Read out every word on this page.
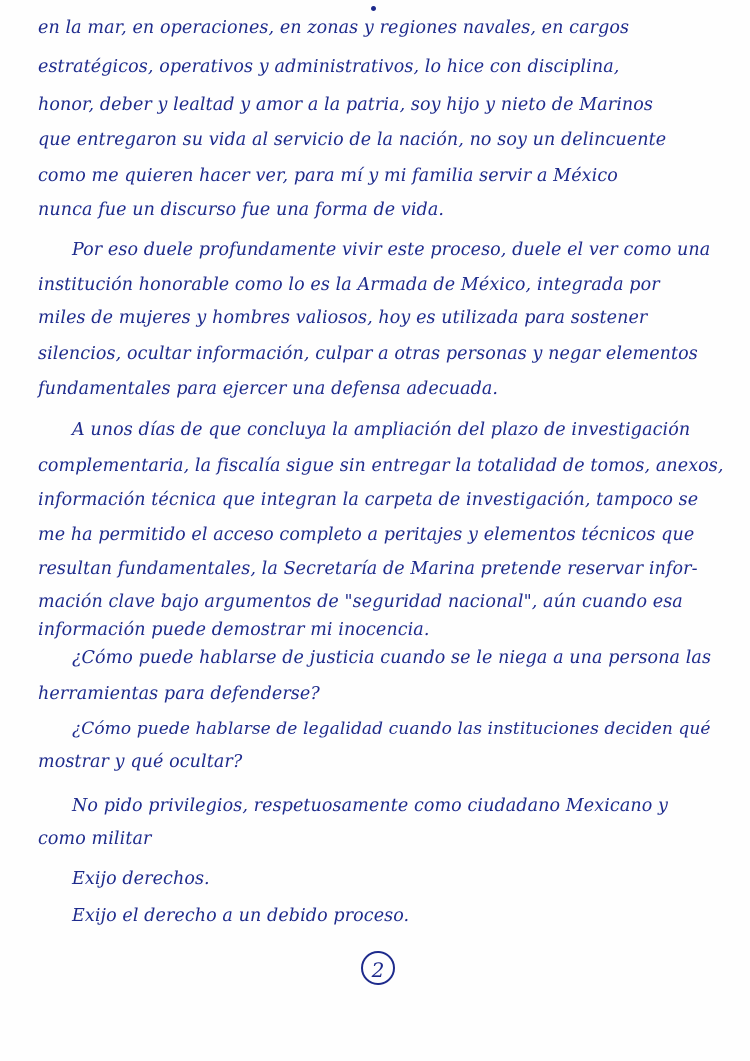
en la mar, en operaciones, en zonas y regiones navales, en cargos
estratégicos, operativos y administrativos, lo hice con disciplina,
honor, deber y lealtad y amor a la patria, soy hijo y nieto de Marinos
que entregaron su vida al servicio de la nación, no soy un delincuente
como me quieren hacer ver, para mí y mi familia servir a México
nunca fue un discurso fue una forma de vida.
Por eso duele profundamente vivir este proceso, duele el ver como una
institución honorable como lo es la Armada de México, integrada por
miles de mujeres y hombres valiosos, hoy es utilizada para sostener
silencios, ocultar información, culpar a otras personas y negar elementos
fundamentales para ejercer una defensa adecuada.
A unos días de que concluya la ampliación del plazo de investigación
complementaria, la fiscalía sigue sin entregar la totalidad de tomos, anexos,
información técnica que integran la carpeta de investigación, tampoco se
me ha permitido el acceso completo a peritajes y elementos técnicos que
resultan fundamentales, la Secretaría de Marina pretende reservar infor-
mación clave bajo argumentos de "seguridad nacional", aún cuando esa
información puede demostrar mi inocencia.
¿Cómo puede hablarse de justicia cuando se le niega a una persona las
herramientas para defenderse?
¿Cómo puede hablarse de legalidad cuando las instituciones deciden qué
mostrar y qué ocultar?
No pido privilegios, respetuosamente como ciudadano Mexicano y
como militar
Exijo derechos.
Exijo el derecho a un debido proceso.
2
